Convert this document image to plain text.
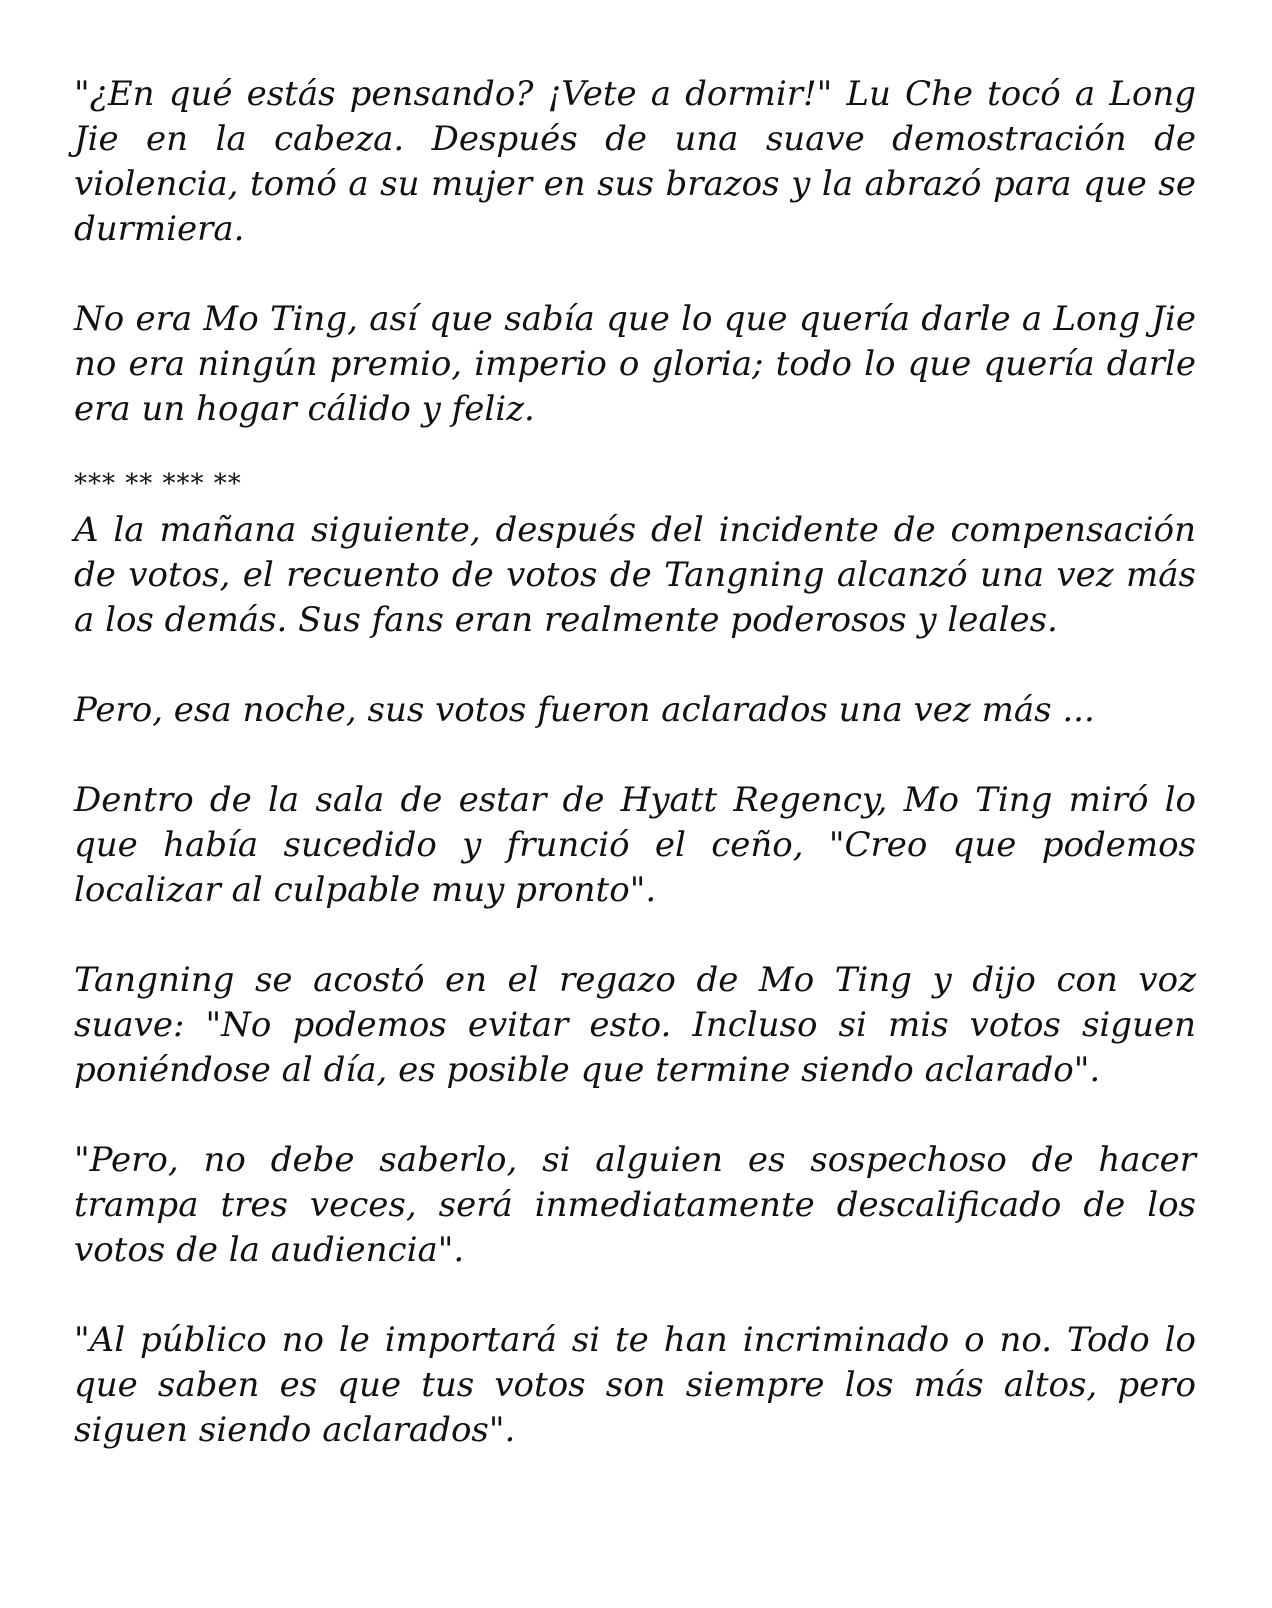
"¿En qué estás pensando? ¡Vete a dormir!" Lu Che tocó a Long Jie en la cabeza. Después de una suave demostración de violencia, tomó a su mujer en sus brazos y la abrazó para que se durmiera.

No era Mo Ting, así que sabía que lo que quería darle a Long Jie no era ningún premio, imperio o gloria; todo lo que quería darle era un hogar cálido y feliz.

*** ** *** **

A la mañana siguiente, después del incidente de compensación de votos, el recuento de votos de Tangning alcanzó una vez más a los demás. Sus fans eran realmente poderosos y leales.

Pero, esa noche, sus votos fueron aclarados una vez más ...

Dentro de la sala de estar de Hyatt Regency, Mo Ting miró lo que había sucedido y frunció el ceño, "Creo que podemos localizar al culpable muy pronto".

Tangning se acostó en el regazo de Mo Ting y dijo con voz suave: "No podemos evitar esto. Incluso si mis votos siguen poniéndose al día, es posible que termine siendo aclarado".

"Pero, no debe saberlo, si alguien es sospechoso de hacer trampa tres veces, será inmediatamente descalificado de los votos de la audiencia".

"Al público no le importará si te han incriminado o no. Todo lo que saben es que tus votos son siempre los más altos, pero siguen siendo aclarados".
